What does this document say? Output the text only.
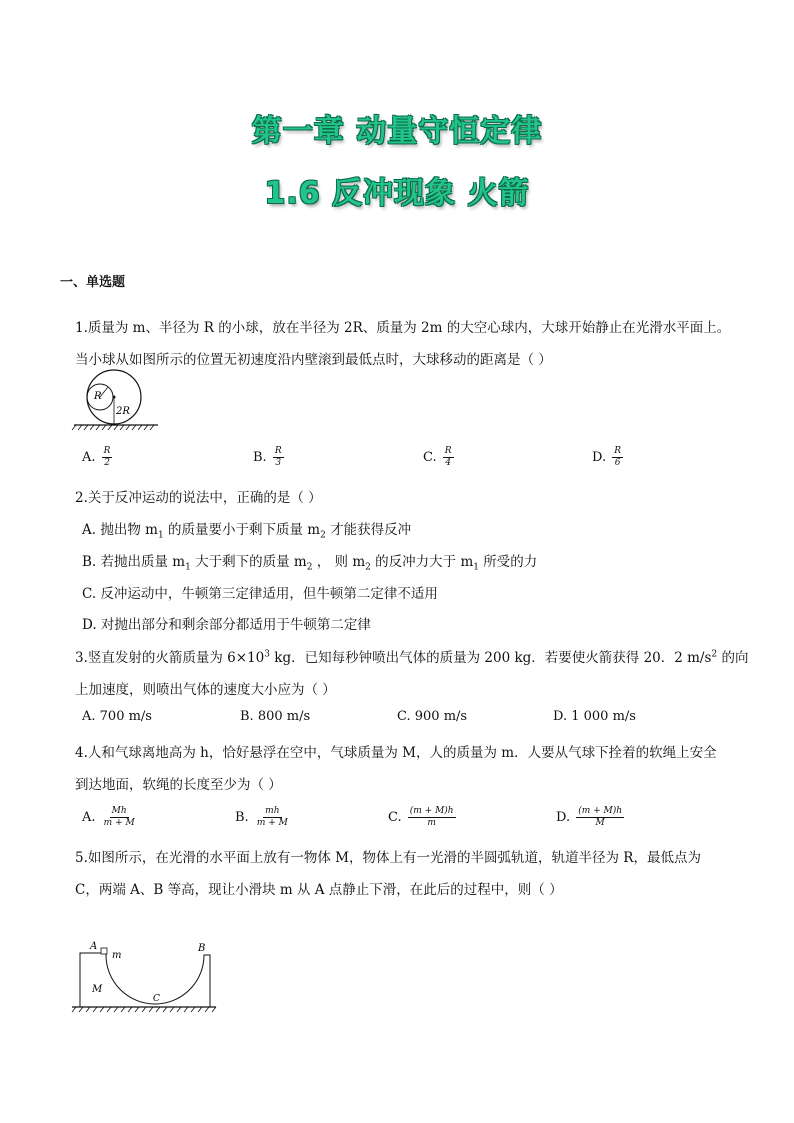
第一章 动量守恒定律
1.6 反冲现象 火箭
一、单选题
1.质量为 m、半径为 R 的小球，放在半径为 2R、质量为 2m 的大空心球内，大球开始静止在光滑水平面上。
当小球从如图所示的位置无初速度沿内壁滚到最低点时，大球移动的距离是（ ）
R
2R
A. $\frac{R}{2}$	B. $\frac{R}{3}$	C. $\frac{R}{4}$	D. $\frac{R}{6}$
2.关于反冲运动的说法中，正确的是（ ）
A. 抛出物 $m_1$ 的质量要小于剩下质量 $m_2$ 才能获得反冲
B. 若抛出质量 $m_1$ 大于剩下的质量 $m_2$ ， 则 $m_2$ 的反冲力大于 $m_1$ 所受的力
C. 反冲运动中，牛顿第三定律适用，但牛顿第二定律不适用
D. 对抛出部分和剩余部分都适用于牛顿第二定律
3.竖直发射的火箭质量为 $6\times 10^3$ kg．已知每秒钟喷出气体的质量为 200 kg．若要使火箭获得 20．2 $m/s^2$ 的向
上加速度，则喷出气体的速度大小应为（ ）
A. 700 m/s	B. 800 m/s	C. 900 m/s	D. 1 000 m/s
4.人和气球离地高为 h，恰好悬浮在空中，气球质量为 M，人的质量为 m．人要从气球下拴着的软绳上安全
到达地面，软绳的长度至少为（ ）
A. $\frac{Mh}{m + M}$	B. $\frac{mh}{m + M}$	C. $\frac{(m + M)h}{m}$	D. $\frac{(m + M)h}{M}$
5.如图所示，在光滑的水平面上放有一物体 M，物体上有一光滑的半圆弧轨道，轨道半径为 R，最低点为
C，两端 A、B 等高，现让小滑块 m 从 A 点静止下滑，在此后的过程中，则（ ）
A	B
m
M
C
